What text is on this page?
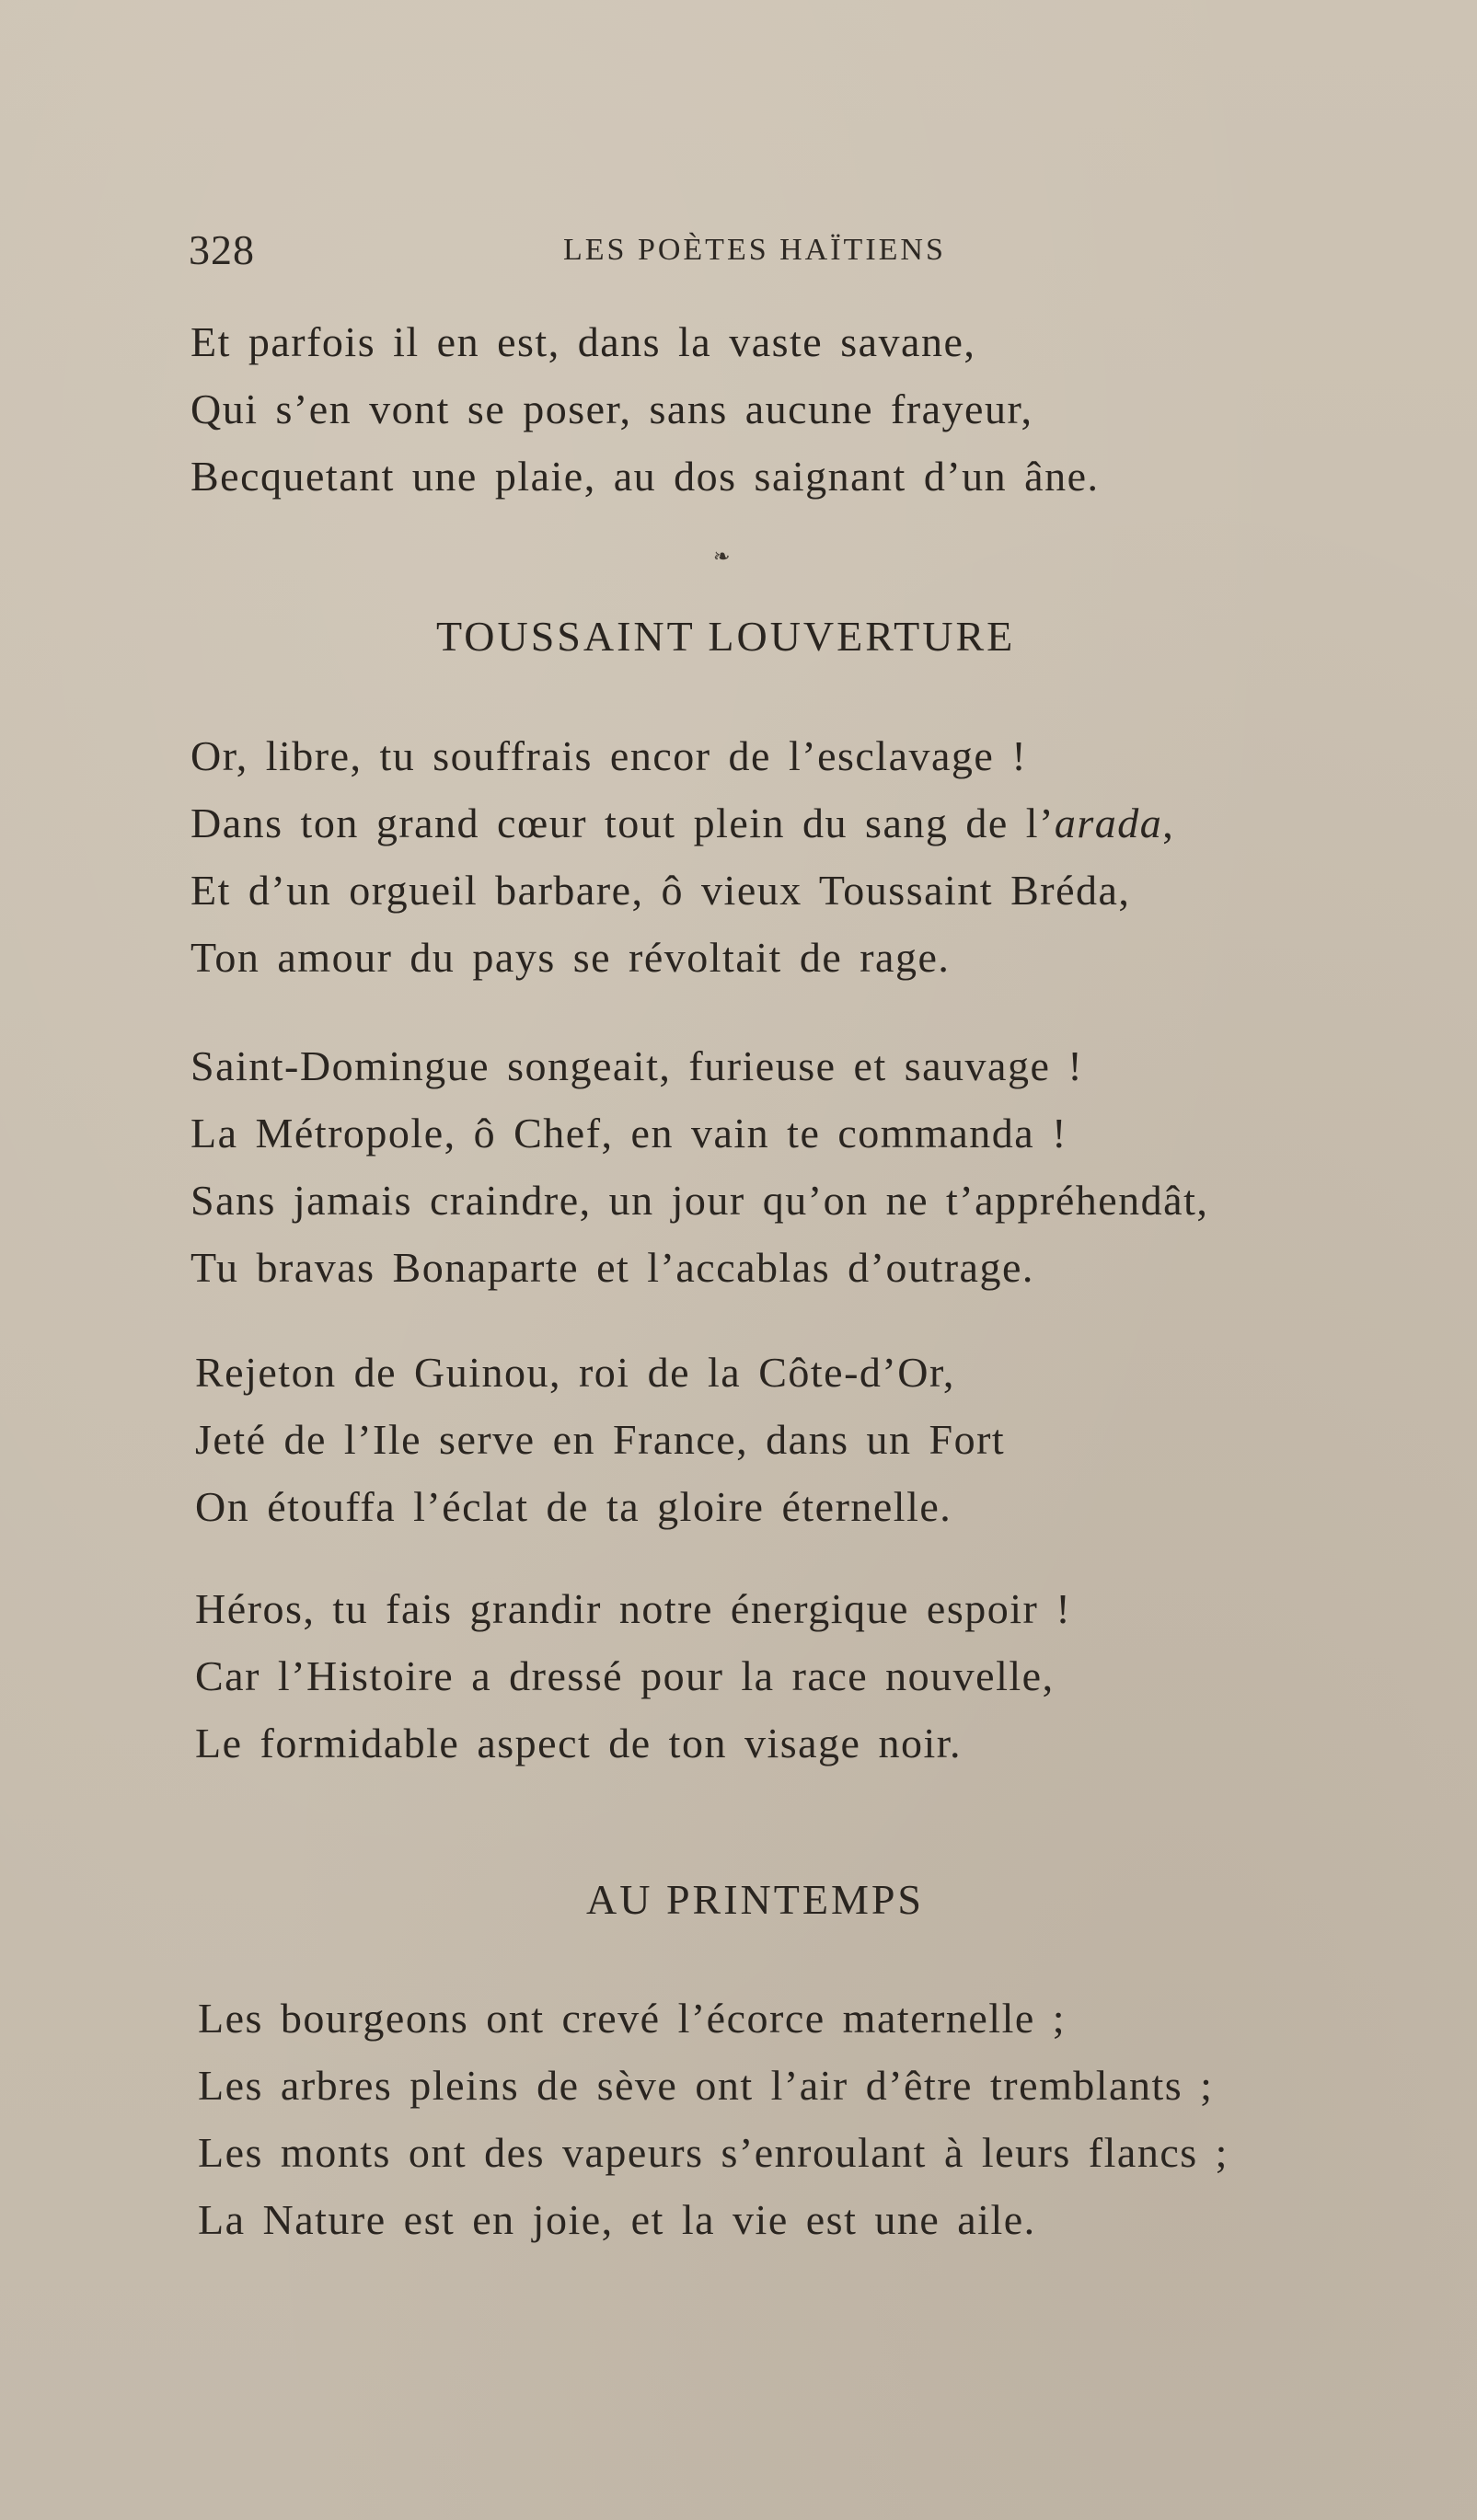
328	LES POÈTES HAÏTIENS
Et parfois il en est, dans la vaste savane,
Qui s’en vont se poser, sans aucune frayeur,
Becquetant une plaie, au dos saignant d’un âne.
❧
TOUSSAINT LOUVERTURE
Or, libre, tu souffrais encor de l’esclavage !
Dans ton grand cœur tout plein du sang de l’arada,
Et d’un orgueil barbare, ô vieux Toussaint Bréda,
Ton amour du pays se révoltait de rage.
Saint-Domingue songeait, furieuse et sauvage !
La Métropole, ô Chef, en vain te commanda !
Sans jamais craindre, un jour qu’on ne t’appréhendât,
Tu bravas Bonaparte et l’accablas d’outrage.
Rejeton de Guinou, roi de la Côte-d’Or,
Jeté de l’Ile serve en France, dans un Fort
On étouffa l’éclat de ta gloire éternelle.
Héros, tu fais grandir notre énergique espoir !
Car l’Histoire a dressé pour la race nouvelle,
Le formidable aspect de ton visage noir.
AU PRINTEMPS
Les bourgeons ont crevé l’écorce maternelle ;
Les arbres pleins de sève ont l’air d’être tremblants ;
Les monts ont des vapeurs s’enroulant à leurs flancs ;
La Nature est en joie, et la vie est une aile.
